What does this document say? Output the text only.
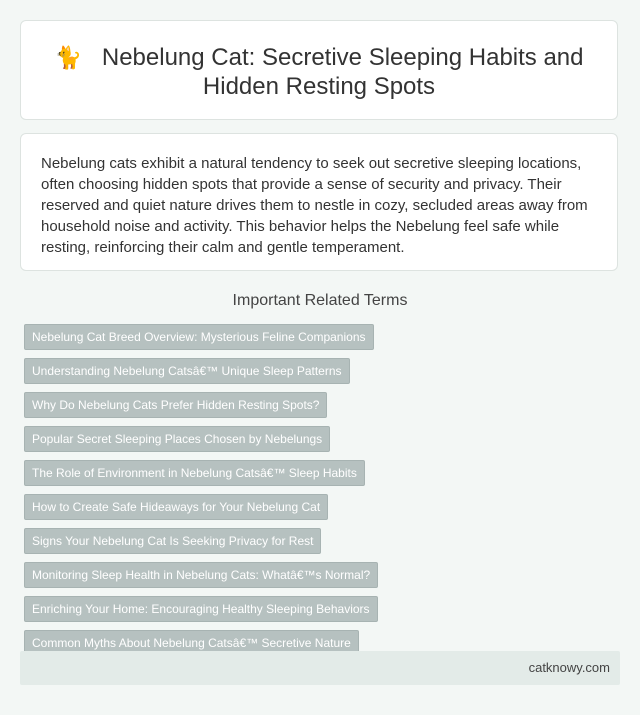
🐈 Nebelung Cat: Secretive Sleeping Habits and
Hidden Resting Spots

Nebelung cats exhibit a natural tendency to seek out secretive sleeping locations, often choosing hidden spots that provide a sense of security and privacy. Their reserved and quiet nature drives them to nestle in cozy, secluded areas away from household noise and activity. This behavior helps the Nebelung feel safe while resting, reinforcing their calm and gentle temperament.

Important Related Terms
Nebelung Cat Breed Overview: Mysterious Feline Companions
Understanding Nebelung Catsâ€™ Unique Sleep Patterns
Why Do Nebelung Cats Prefer Hidden Resting Spots?
Popular Secret Sleeping Places Chosen by Nebelungs
The Role of Environment in Nebelung Catsâ€™ Sleep Habits
How to Create Safe Hideaways for Your Nebelung Cat
Signs Your Nebelung Cat Is Seeking Privacy for Rest
Monitoring Sleep Health in Nebelung Cats: Whatâ€™s Normal?
Enriching Your Home: Encouraging Healthy Sleeping Behaviors
Common Myths About Nebelung Catsâ€™ Secretive Nature
catknowy.com
